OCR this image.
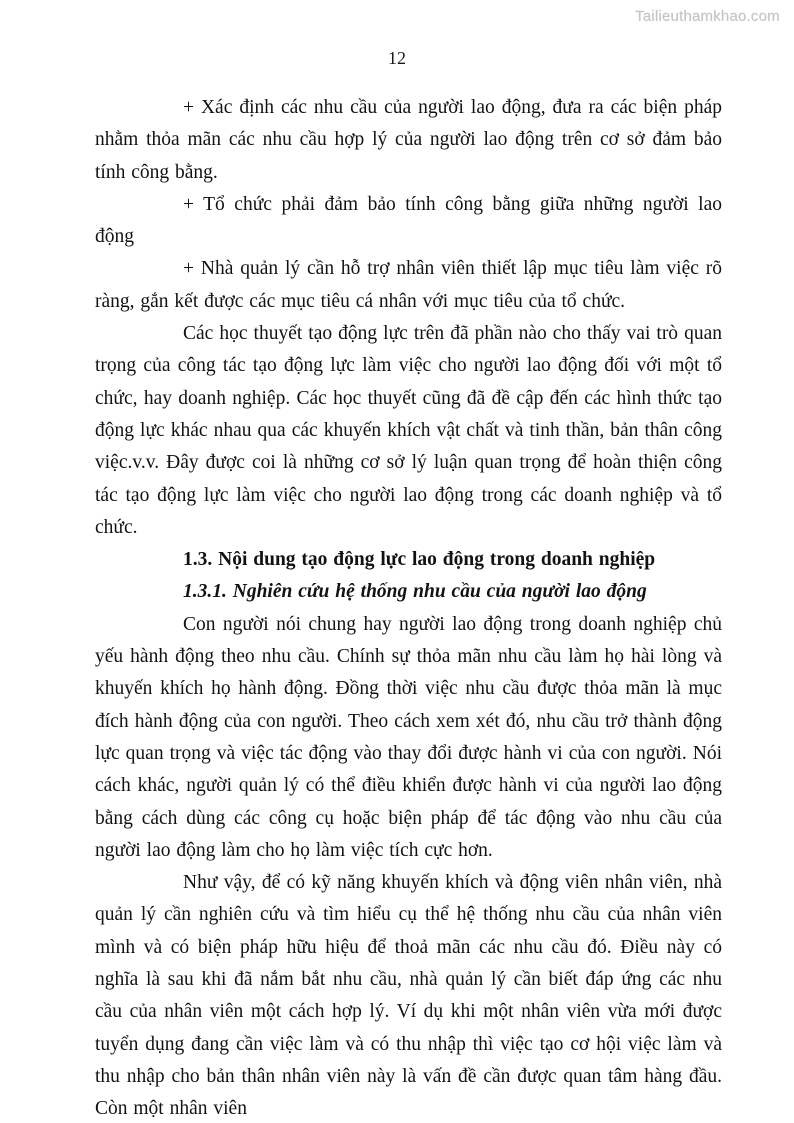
Tailieuthamkhao.com
12

+ Xác định các nhu cầu của người lao động, đưa ra các biện pháp nhằm thỏa mãn các nhu cầu hợp lý của người lao động trên cơ sở đảm bảo tính công bằng.

+ Tổ chức phải đảm bảo tính công bằng giữa những người lao động

+ Nhà quản lý cần hỗ trợ nhân viên thiết lập mục tiêu làm việc rõ ràng, gắn kết được các mục tiêu cá nhân với mục tiêu của tổ chức.

Các học thuyết tạo động lực trên đã phần nào cho thấy vai trò quan trọng của công tác tạo động lực làm việc cho người lao động đối với một tổ chức, hay doanh nghiệp. Các học thuyết cũng đã đề cập đến các hình thức tạo động lực khác nhau qua các khuyến khích vật chất và tinh thần, bản thân công việc.v.v. Đây được coi là những cơ sở lý luận quan trọng để hoàn thiện công tác tạo động lực làm việc cho người lao động trong các doanh nghiệp và tổ chức.

1.3. Nội dung tạo động lực lao động trong doanh nghiệp

1.3.1. Nghiên cứu hệ thống nhu cầu của người lao động

Con người nói chung hay người lao động trong doanh nghiệp chủ yếu hành động theo nhu cầu. Chính sự thỏa mãn nhu cầu làm họ hài lòng và khuyến khích họ hành động. Đồng thời việc nhu cầu được thỏa mãn là mục đích hành động của con người. Theo cách xem xét đó, nhu cầu trở thành động lực quan trọng và việc tác động vào thay đổi được hành vi của con người. Nói cách khác, người quản lý có thể điều khiển được hành vi của người lao động bằng cách dùng các công cụ hoặc biện pháp để tác động vào nhu cầu của người lao động làm cho họ làm việc tích cực hơn.

Như vậy, để có kỹ năng khuyến khích và động viên nhân viên, nhà quản lý cần nghiên cứu và tìm hiểu cụ thể hệ thống nhu cầu của nhân viên mình và có biện pháp hữu hiệu để thoả mãn các nhu cầu đó. Điều này có nghĩa là sau khi đã nắm bắt nhu cầu, nhà quản lý cần biết đáp ứng các nhu cầu của nhân viên một cách hợp lý. Ví dụ khi một nhân viên vừa mới được tuyển dụng đang cần việc làm và có thu nhập thì việc tạo cơ hội việc làm và thu nhập cho bản thân nhân viên này là vấn đề cần được quan tâm hàng đầu. Còn một nhân viên
